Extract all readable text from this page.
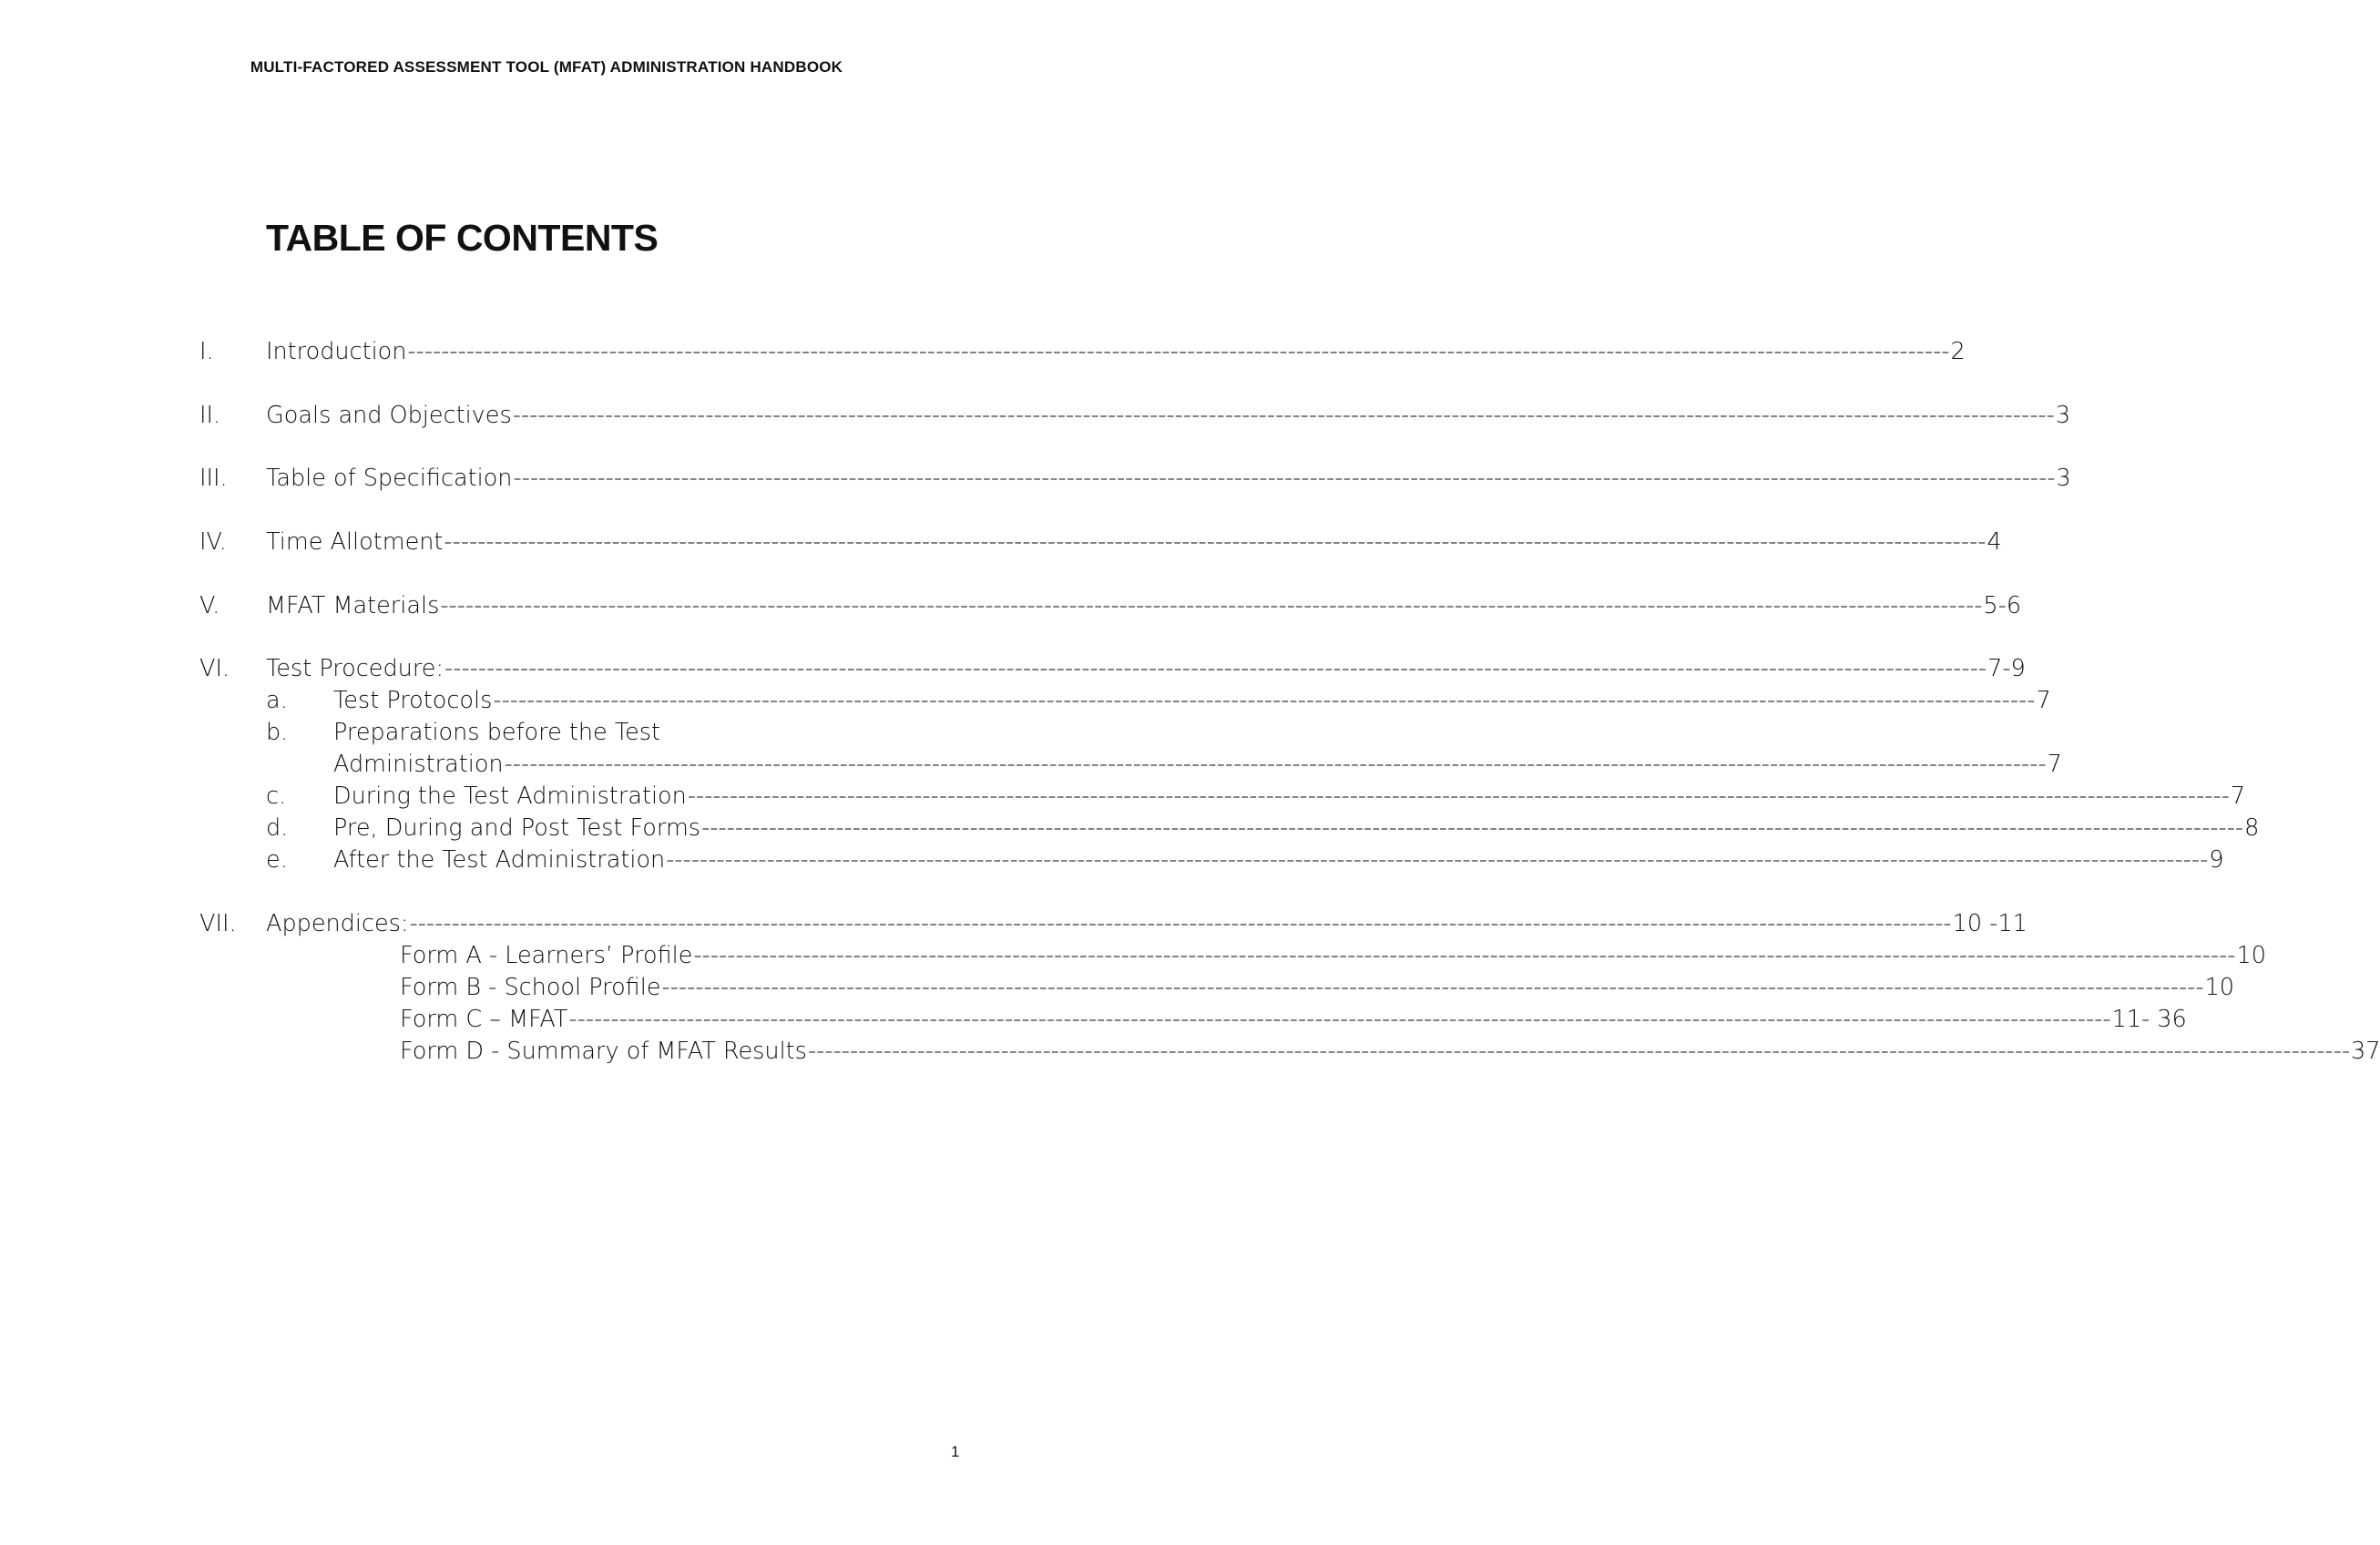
MULTI-FACTORED ASSESSMENT TOOL (MFAT) ADMINISTRATION HANDBOOK
TABLE OF CONTENTS
I. Introduction ---------------------------------------------------------------------------------------------------------------------------------------------------------------------------------------- 2
II. Goals and Objectives ---------------------------------------------------------------------------------------------------------------------------------------------------------------------------------------- 3
III. Table of Specification ---------------------------------------------------------------------------------------------------------------------------------------------------------------------------------------- 3
IV. Time Allotment ---------------------------------------------------------------------------------------------------------------------------------------------------------------------------------------- 4
V. MFAT Materials ---------------------------------------------------------------------------------------------------------------------------------------------------------------------------------------- 5-6
VI. Test Procedure: ---------------------------------------------------------------------------------------------------------------------------------------------------------------------------------------- 7-9
a. Test Protocols ---------------------------------------------------------------------------------------------------------------------------------------------------------------------------------------- 7
b. Preparations before the Test
Administration ---------------------------------------------------------------------------------------------------------------------------------------------------------------------------------------- 7
c. During the Test Administration ---------------------------------------------------------------------------------------------------------------------------------------------------------------------------------------- 7
d. Pre, During and Post Test Forms ---------------------------------------------------------------------------------------------------------------------------------------------------------------------------------------- 8
e. After the Test Administration ---------------------------------------------------------------------------------------------------------------------------------------------------------------------------------------- 9
VII. Appendices: ---------------------------------------------------------------------------------------------------------------------------------------------------------------------------------------- 10 -11
Form A - Learners’ Profile ---------------------------------------------------------------------------------------------------------------------------------------------------------------------------------------- 10
Form B - School Profile ---------------------------------------------------------------------------------------------------------------------------------------------------------------------------------------- 10
Form C – MFAT ---------------------------------------------------------------------------------------------------------------------------------------------------------------------------------------- 11- 36
Form D - Summary of MFAT Results ---------------------------------------------------------------------------------------------------------------------------------------------------------------------------------------- 37
1
